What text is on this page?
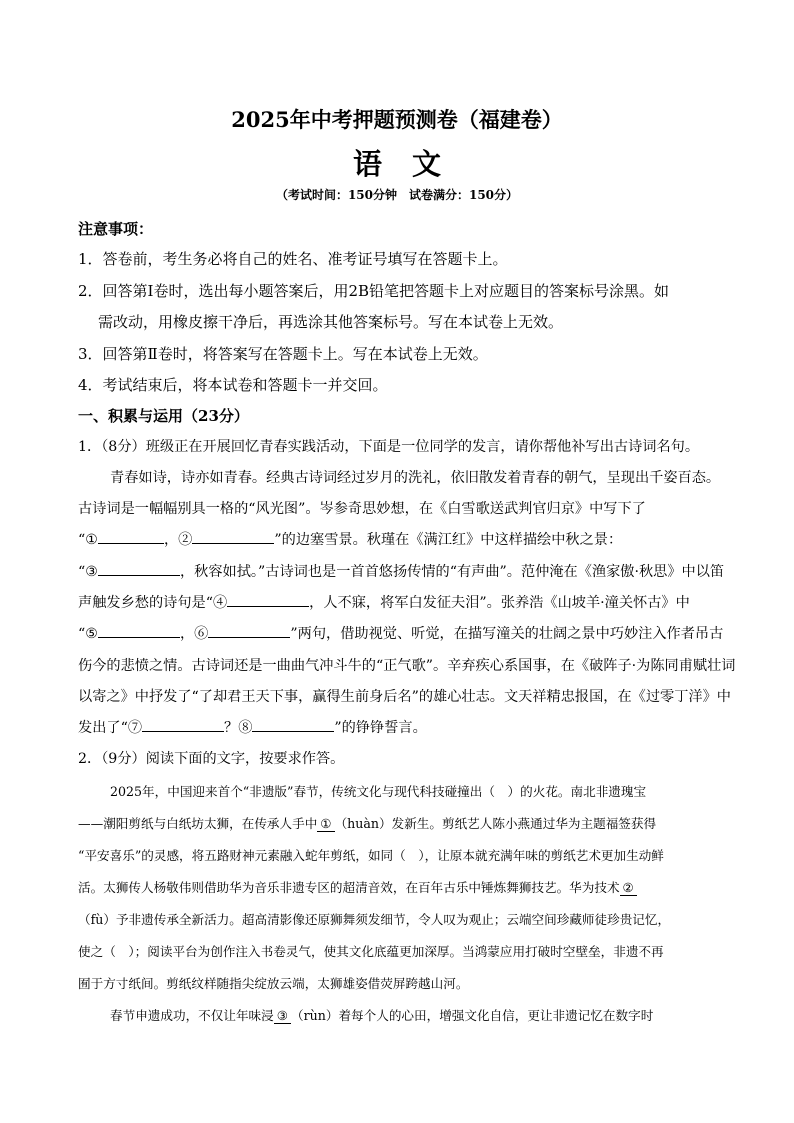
2025年中考押题预测卷（福建卷）
语文
（考试时间：150分钟　试卷满分：150分）
注意事项：
1．答卷前，考生务必将自己的姓名、准考证号填写在答题卡上。
2．回答第Ⅰ卷时，选出每小题答案后，用2B铅笔把答题卡上对应题目的答案标号涂黑。如
需改动，用橡皮擦干净后，再选涂其他答案标号。写在本试卷上无效。
3．回答第Ⅱ卷时，将答案写在答题卡上。写在本试卷上无效。
4．考试结束后，将本试卷和答题卡一并交回。
一、积累与运用（23分）
1．（8分）班级正在开展回忆青春实践活动，下面是一位同学的发言，请你帮他补写出古诗词名句。
青春如诗，诗亦如青春。经典古诗词经过岁月的洗礼，依旧散发着青春的朝气，呈现出千姿百态。
古诗词是一幅幅别具一格的“风光图”。岑参奇思妙想，在《白雪歌送武判官归京》中写下了
“①	，②	”的边塞雪景。秋瑾在《满江红》中这样描绘中秋之景：
“③	，秋容如拭。”古诗词也是一首首悠扬传情的“有声曲”。范仲淹在《渔家傲·秋思》中以笛
声触发乡愁的诗句是“④	，人不寐，将军白发征夫泪”。张养浩《山坡羊·潼关怀古》中
“⑤	，⑥	”两句，借助视觉、听觉，在描写潼关的壮阔之景中巧妙注入作者吊古
伤今的悲愤之情。古诗词还是一曲曲气冲斗牛的“正气歌”。辛弃疾心系国事，在《破阵子·为陈同甫赋壮词
以寄之》中抒发了“了却君王天下事，赢得生前身后名”的雄心壮志。文天祥精忠报国，在《过零丁洋》中
发出了“⑦	？⑧	”的铮铮誓言。
2．（9分）阅读下面的文字，按要求作答。
2025年，中国迎来首个“非遗版”春节，传统文化与现代科技碰撞出（　）的火花。南北非遗瑰宝
——潮阳剪纸与白纸坊太狮，在传承人手中 ① （huàn）发新生。剪纸艺人陈小燕通过华为主题福签获得
“平安喜乐”的灵感，将五路财神元素融入蛇年剪纸，如同（　），让原本就充满年味的剪纸艺术更加生动鲜
活。太狮传人杨敬伟则借助华为音乐非遗专区的超清音效，在百年古乐中锤炼舞狮技艺。华为技术 ②
（fù）予非遗传承全新活力。超高清影像还原狮舞须发细节，令人叹为观止；云端空间珍藏师徒珍贵记忆，
使之（　）；阅读平台为创作注入书卷灵气，使其文化底蕴更加深厚。当鸿蒙应用打破时空壁垒，非遗不再
囿于方寸纸间。剪纸纹样随指尖绽放云端，太狮雄姿借荧屏跨越山河。
春节申遗成功，不仅让年味浸 ③ （rùn）着每个人的心田，增强文化自信，更让非遗记忆在数字时
